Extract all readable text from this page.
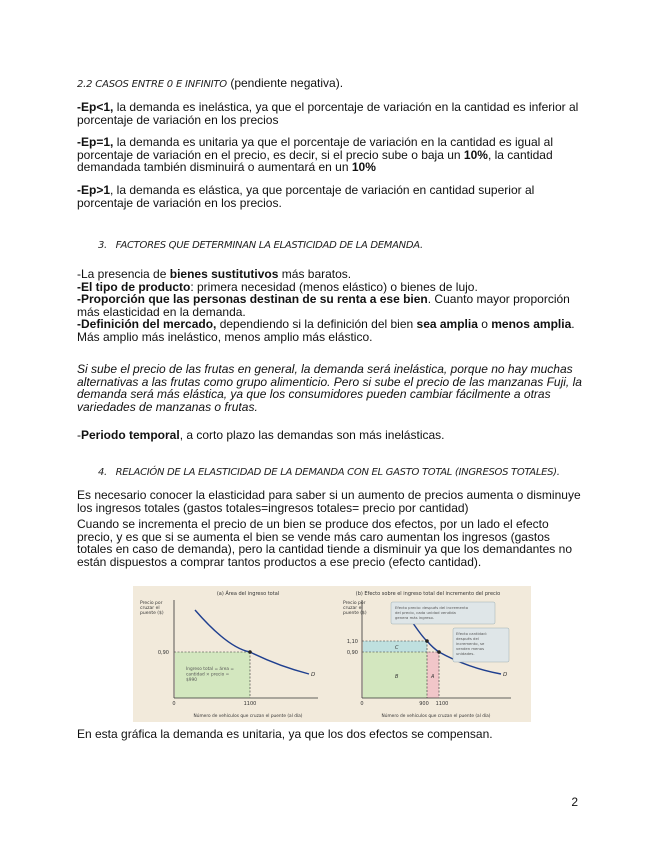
2.2 CASOS ENTRE 0 E INFINITO (pendiente negativa).

-Ep<1, la demanda es inelástica, ya que el porcentaje de variación en la cantidad es inferior al porcentaje de variación en los precios

-Ep=1, la demanda es unitaria ya que el porcentaje de variación en la cantidad es igual al porcentaje de variación en el precio, es decir, si el precio sube o baja un 10%, la cantidad demandada también disminuirá o aumentará en un 10%

-Ep>1, la demanda es elástica, ya que porcentaje de variación en cantidad superior al porcentaje de variación en los precios.

3. FACTORES QUE DETERMINAN LA ELASTICIDAD DE LA DEMANDA.

-La presencia de bienes sustitutivos más baratos.
-El tipo de producto: primera necesidad (menos elástico) o bienes de lujo.
-Proporción que las personas destinan de su renta a ese bien. Cuanto mayor proporción más elasticidad en la demanda.
-Definición del mercado, dependiendo si la definición del bien sea amplia o menos amplia. Más amplio más inelástico, menos amplio más elástico.

Si sube el precio de las frutas en general, la demanda será inelástica, porque no hay muchas alternativas a las frutas como grupo alimenticio. Pero si sube el precio de las manzanas Fuji, la demanda será más elástica, ya que los consumidores pueden cambiar fácilmente a otras variedades de manzanas o frutas.

-Periodo temporal, a corto plazo las demandas son más inelásticas.

4. RELACIÓN DE LA ELASTICIDAD DE LA DEMANDA CON EL GASTO TOTAL (INGRESOS TOTALES).

Es necesario conocer la elasticidad para saber si un aumento de precios aumenta o disminuye los ingresos totales (gastos totales=ingresos totales= precio por cantidad)

Cuando se incrementa el precio de un bien se produce dos efectos, por un lado el efecto precio, y es que si se aumenta el bien se vende más caro aumentan los ingresos (gastos totales en caso de demanda), pero la cantidad tiende a disminuir ya que los demandantes no están dispuestos a comprar tantos productos a ese precio (efecto cantidad).

(a) Área del ingreso total
Precio por cruzar el puente ($)
0,90
1100
0
D
Ingreso total = área = cantidad × precio = $990
Número de vehículos que cruzan el puente (al día)
(b) Efecto sobre el ingreso total del incremento del precio
Precio por cruzar el puente ($)
1,10
0,90
900 1100
0
D
C
B	A
Efecto precio: después del incremento del precio, cada unidad vendida genera más ingreso.
Efecto cantidad: después del incremento, se venden menos unidades.
Número de vehículos que cruzan el puente (al día)

En esta gráfica la demanda es unitaria, ya que los dos efectos se compensan.

2
